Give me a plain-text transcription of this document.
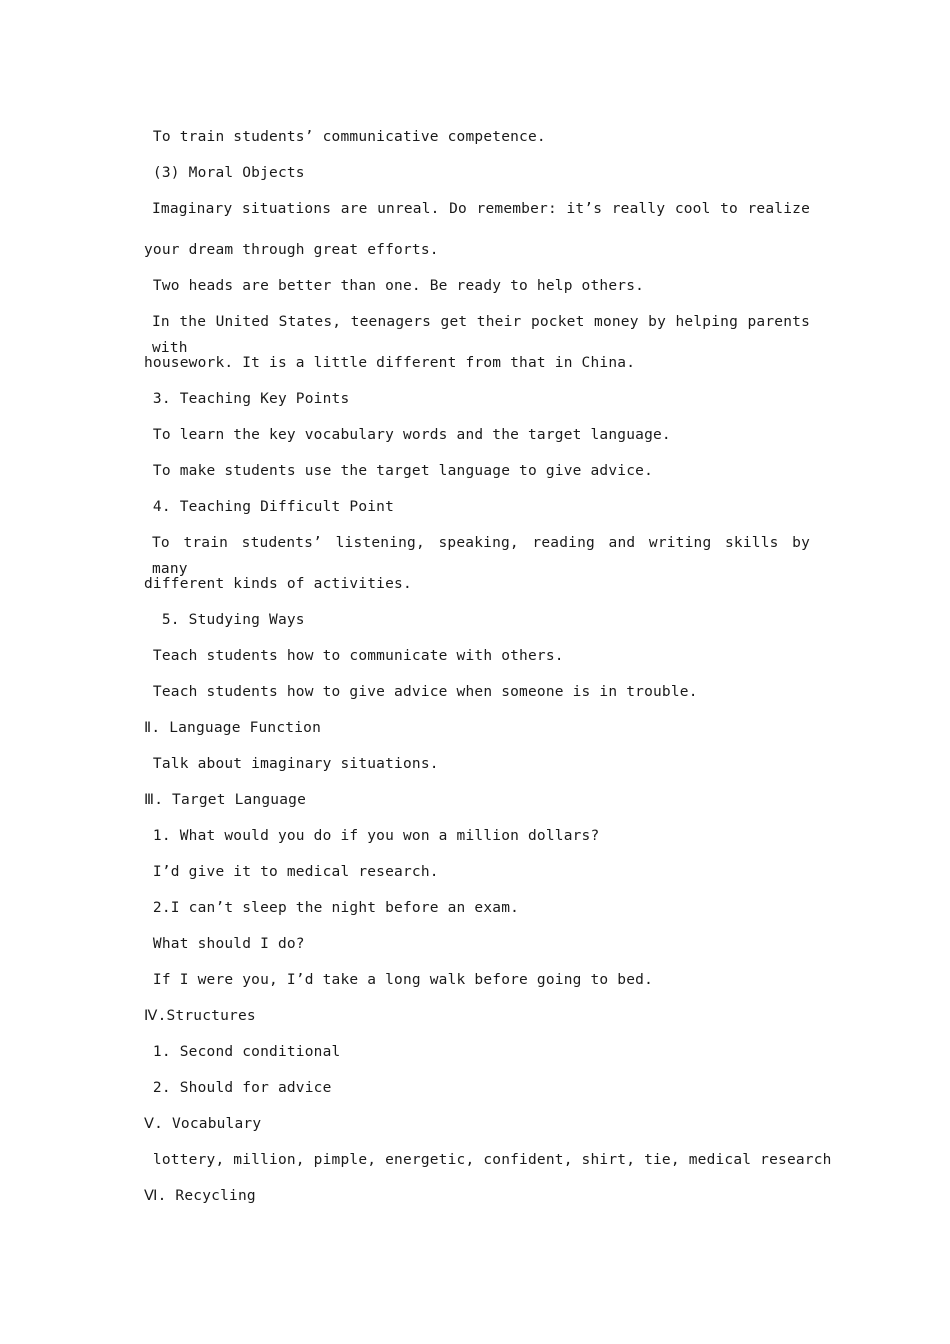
To train students’ communicative competence.
(3) Moral Objects
Imaginary situations are unreal. Do remember: it’s really cool to realize
your dream through great efforts.
Two heads are better than one. Be ready to help others.
In the United States, teenagers get their pocket money by helping parents with
housework. It is a little different from that in China.
3. Teaching Key Points
To learn the key vocabulary words and the target language.
To make students use the target language to give advice.
4. Teaching Difficult Point
To train students’ listening, speaking, reading and writing skills by many
different kinds of activities.
5. Studying Ways
Teach students how to communicate with others.
Teach students how to give advice when someone is in trouble.
Ⅱ. Language Function
Talk about imaginary situations.
Ⅲ. Target Language
1. What would you do if you won a million dollars?
I’d give it to medical research.
2.I can’t sleep the night before an exam.
What should I do?
If I were you, I’d take a long walk before going to bed.
Ⅳ.Structures
1. Second conditional
2. Should for advice
Ⅴ. Vocabulary
lottery, million, pimple, energetic, confident, shirt, tie, medical research
Ⅵ. Recycling
